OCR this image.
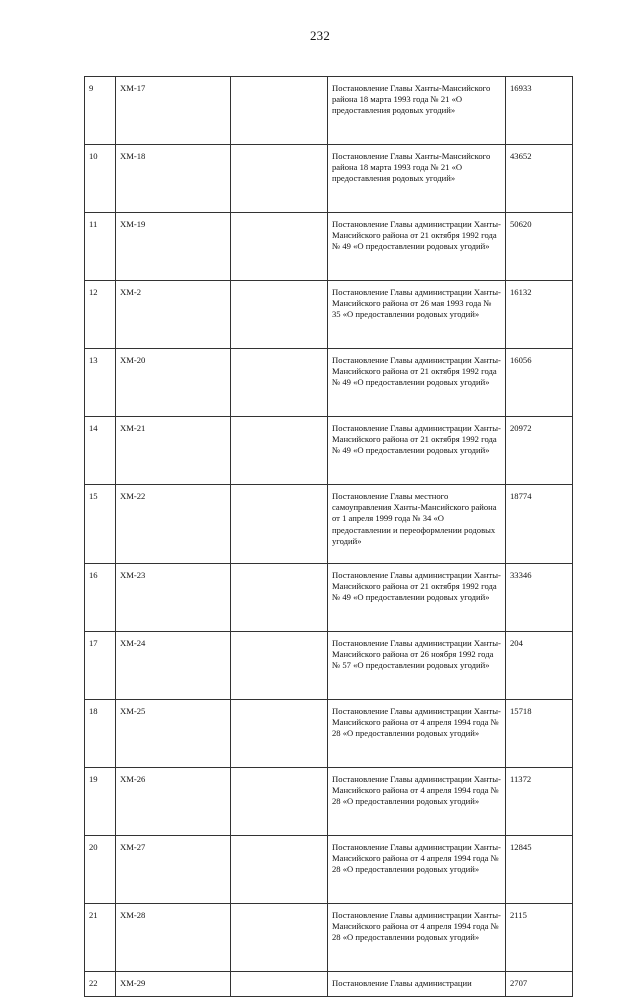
232
9	ХМ-17		Постановление Главы Ханты-Мансийского района 18 марта 1993 года № 21 «О предоставления родовых угодий»	16933
10	ХМ-18		Постановление Главы Ханты-Мансийского района 18 марта 1993 года № 21 «О предоставления родовых угодий»	43652
11	ХМ-19		Постановление Главы администрации Ханты-Мансийского района от 21 октября 1992 года № 49 «О предоставлении родовых угодий»	50620
12	ХМ-2		Постановление Главы администрации Ханты-Мансийского района от 26 мая 1993 года № 35 «О предоставлении родовых угодий»	16132
13	ХМ-20		Постановление Главы администрации Ханты-Мансийского района от 21 октября 1992 года № 49 «О предоставлении родовых угодий»	16056
14	ХМ-21		Постановление Главы администрации Ханты-Мансийского района от 21 октября 1992 года № 49 «О предоставлении родовых угодий»	20972
15	ХМ-22		Постановление Главы местного самоуправления Ханты-Мансийского района от 1 апреля 1999 года № 34 «О предоставлении и переоформлении родовых угодий»	18774
16	ХМ-23		Постановление Главы администрации Ханты-Мансийского района от 21 октября 1992 года № 49 «О предоставлении родовых угодий»	33346
17	ХМ-24		Постановление Главы администрации Ханты-Мансийского района от 26 ноября 1992 года № 57 «О предоставлении родовых угодий»	204
18	ХМ-25		Постановление Главы администрации Ханты-Мансийского района от 4 апреля 1994 года № 28 «О предоставлении родовых угодий»	15718
19	ХМ-26		Постановление Главы администрации Ханты-Мансийского района от 4 апреля 1994 года № 28 «О предоставлении родовых угодий»	11372
20	ХМ-27		Постановление Главы администрации Ханты-Мансийского района от 4 апреля 1994 года № 28 «О предоставлении родовых угодий»	12845
21	ХМ-28		Постановление Главы администрации Ханты-Мансийского района от 4 апреля 1994 года № 28 «О предоставлении родовых угодий»	2115
22	ХМ-29		Постановление Главы администрации	2707
